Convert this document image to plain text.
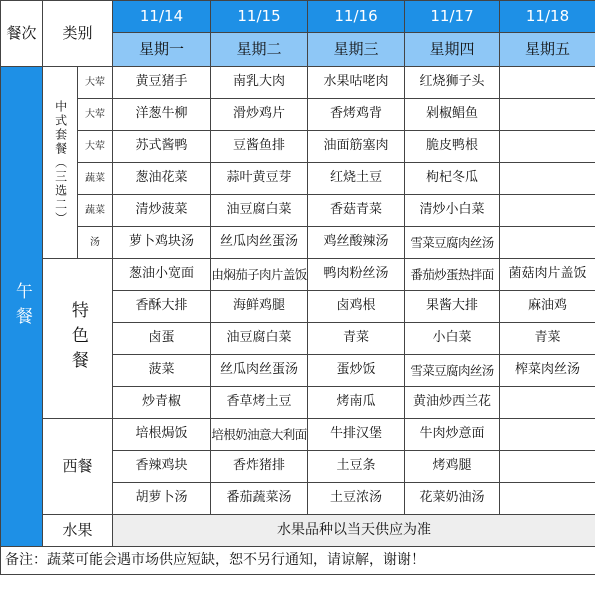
餐次	类别		11/14	11/15	11/16	11/17	11/18
			星期一	星期二	星期三	星期四	星期五
午餐	中式套餐（三选二）	大荤	黄豆猪手	南乳大肉	水果咕咾肉	红烧狮子头	
		大荤	洋葱牛柳	滑炒鸡片	香烤鸡背	剁椒鲳鱼	
		大荤	苏式酱鸭	豆酱鱼排	油面筋塞肉	脆皮鸭根	
		蔬菜	葱油花菜	蒜叶黄豆芽	红烧土豆	枸杞冬瓜	
		蔬菜	清炒菠菜	油豆腐白菜	香菇青菜	清炒小白菜	
		汤	萝卜鸡块汤	丝瓜肉丝蛋汤	鸡丝酸辣汤	雪菜豆腐肉丝汤	
	特色餐		葱油小宽面	由焖茄子肉片盖饭	鸭肉粉丝汤	番茄炒蛋热拌面	菌菇肉片盖饭
			香酥大排	海鲜鸡腿	卤鸡根	果酱大排	麻油鸡
			卤蛋	油豆腐白菜	青菜	小白菜	青菜
			菠菜	丝瓜肉丝蛋汤	蛋炒饭	雪菜豆腐肉丝汤	榨菜肉丝汤
			炒青椒	香草烤土豆	烤南瓜	黄油炒西兰花	
	西餐		培根焗饭	培根奶油意大利面	牛排汉堡	牛肉炒意面	
			香辣鸡块	香炸猪排	土豆条	烤鸡腿	
			胡萝卜汤	番茄蔬菜汤	土豆浓汤	花菜奶油汤	
	水果		水果品种以当天供应为准				
备注：蔬菜可能会遇市场供应短缺，恕不另行通知，请谅解，谢谢！							
